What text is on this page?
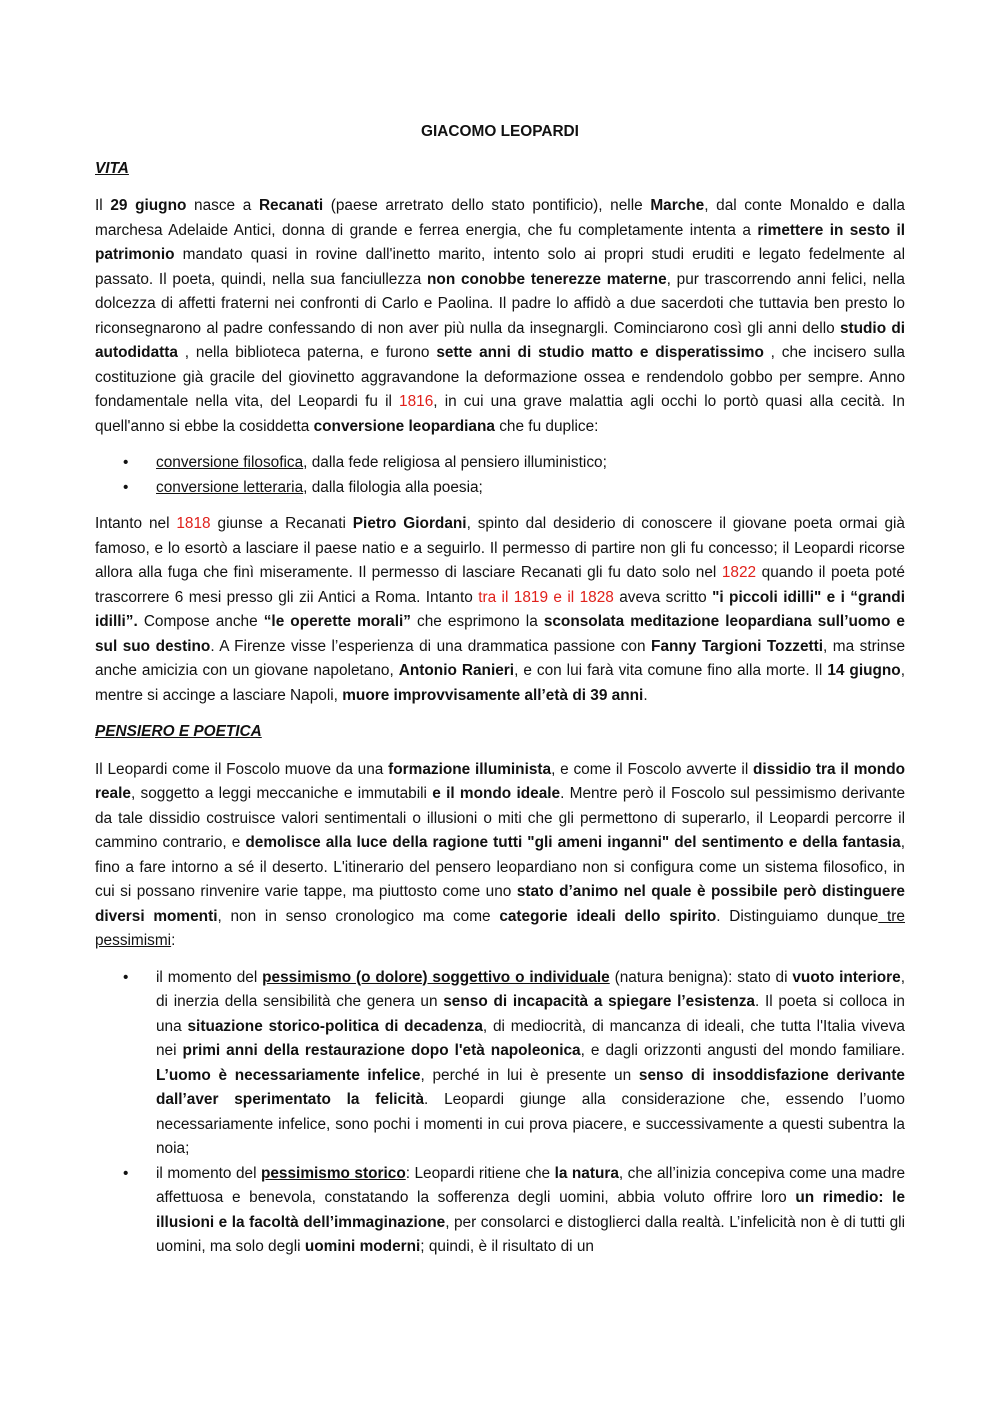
GIACOMO LEOPARDI
VITA

Il 29 giugno nasce a Recanati (paese arretrato dello stato pontificio), nelle Marche, dal conte Monaldo e dalla marchesa Adelaide Antici, donna di grande e ferrea energia, che fu completamente intenta a rimettere in sesto il patrimonio mandato quasi in rovine dall'inetto marito, intento solo ai propri studi eruditi e legato fedelmente al passato. Il poeta, quindi, nella sua fanciullezza non conobbe tenerezze materne, pur trascorrendo anni felici, nella dolcezza di affetti fraterni nei confronti di Carlo e Paolina. Il padre lo affidò a due sacerdoti che tuttavia ben presto lo riconsegnarono al padre confessando di non aver più nulla da insegnargli. Cominciarono così gli anni dello studio di autodidatta , nella biblioteca paterna, e furono sette anni di studio matto e disperatissimo , che incisero sulla costituzione già gracile del giovinetto aggravandone la deformazione ossea e rendendolo gobbo per sempre. Anno fondamentale nella vita, del Leopardi fu il 1816, in cui una grave malattia agli occhi lo portò quasi alla cecità. In quell'anno si ebbe la cosiddetta conversione leopardiana che fu duplice:

• conversione filosofica, dalla fede religiosa al pensiero illuministico;
• conversione letteraria, dalla filologia alla poesia;

Intanto nel 1818 giunse a Recanati Pietro Giordani, spinto dal desiderio di conoscere il giovane poeta ormai già famoso, e lo esortò a lasciare il paese natio e a seguirlo. Il permesso di partire non gli fu concesso; il Leopardi ricorse allora alla fuga che finì miseramente. Il permesso di lasciare Recanati gli fu dato solo nel 1822 quando il poeta poté trascorrere 6 mesi presso gli zii Antici a Roma. Intanto tra il 1819 e il 1828 aveva scritto "i piccoli idilli" e i “grandi idilli”. Compose anche “le operette morali” che esprimono la sconsolata meditazione leopardiana sull’uomo e sul suo destino. A Firenze visse l’esperienza di una drammatica passione con Fanny Targioni Tozzetti, ma strinse anche amicizia con un giovane napoletano, Antonio Ranieri, e con lui farà vita comune fino alla morte. Il 14 giugno, mentre si accinge a lasciare Napoli, muore improvvisamente all’età di 39 anni.

PENSIERO E POETICA

Il Leopardi come il Foscolo muove da una formazione illuminista, e come il Foscolo avverte il dissidio tra il mondo reale, soggetto a leggi meccaniche e immutabili e il mondo ideale. Mentre però il Foscolo sul pessimismo derivante da tale dissidio costruisce valori sentimentali o illusioni o miti che gli permettono di superarlo, il Leopardi percorre il cammino contrario, e demolisce alla luce della ragione tutti "gli ameni inganni" del sentimento e della fantasia, fino a fare intorno a sé il deserto. L'itinerario del pensero leopardiano non si configura come un sistema filosofico, in cui si possano rinvenire varie tappe, ma piuttosto come uno stato d’animo nel quale è possibile però distinguere diversi momenti, non in senso cronologico ma come categorie ideali dello spirito. Distinguiamo dunque tre pessimismi:

• il momento del pessimismo (o dolore) soggettivo o individuale (natura benigna): stato di vuoto interiore, di inerzia della sensibilità che genera un senso di incapacità a spiegare l’esistenza. Il poeta si colloca in una situazione storico-politica di decadenza, di mediocrità, di mancanza di ideali, che tutta l'Italia viveva nei primi anni della restaurazione dopo l'età napoleonica, e dagli orizzonti angusti del mondo familiare. L’uomo è necessariamente infelice, perché in lui è presente un senso di insoddisfazione derivante dall’aver sperimentato la felicità. Leopardi giunge alla considerazione che, essendo l’uomo necessariamente infelice, sono pochi i momenti in cui prova piacere, e successivamente a questi subentra la noia;
• il momento del pessimismo storico: Leopardi ritiene che la natura, che all’inizia concepiva come una madre affettuosa e benevola, constatando la sofferenza degli uomini, abbia voluto offrire loro un rimedio: le illusioni e la facoltà dell’immaginazione, per consolarci e distoglierci dalla realtà. L’infelicità non è di tutti gli uomini, ma solo degli uomini moderni; quindi, è il risultato di un
